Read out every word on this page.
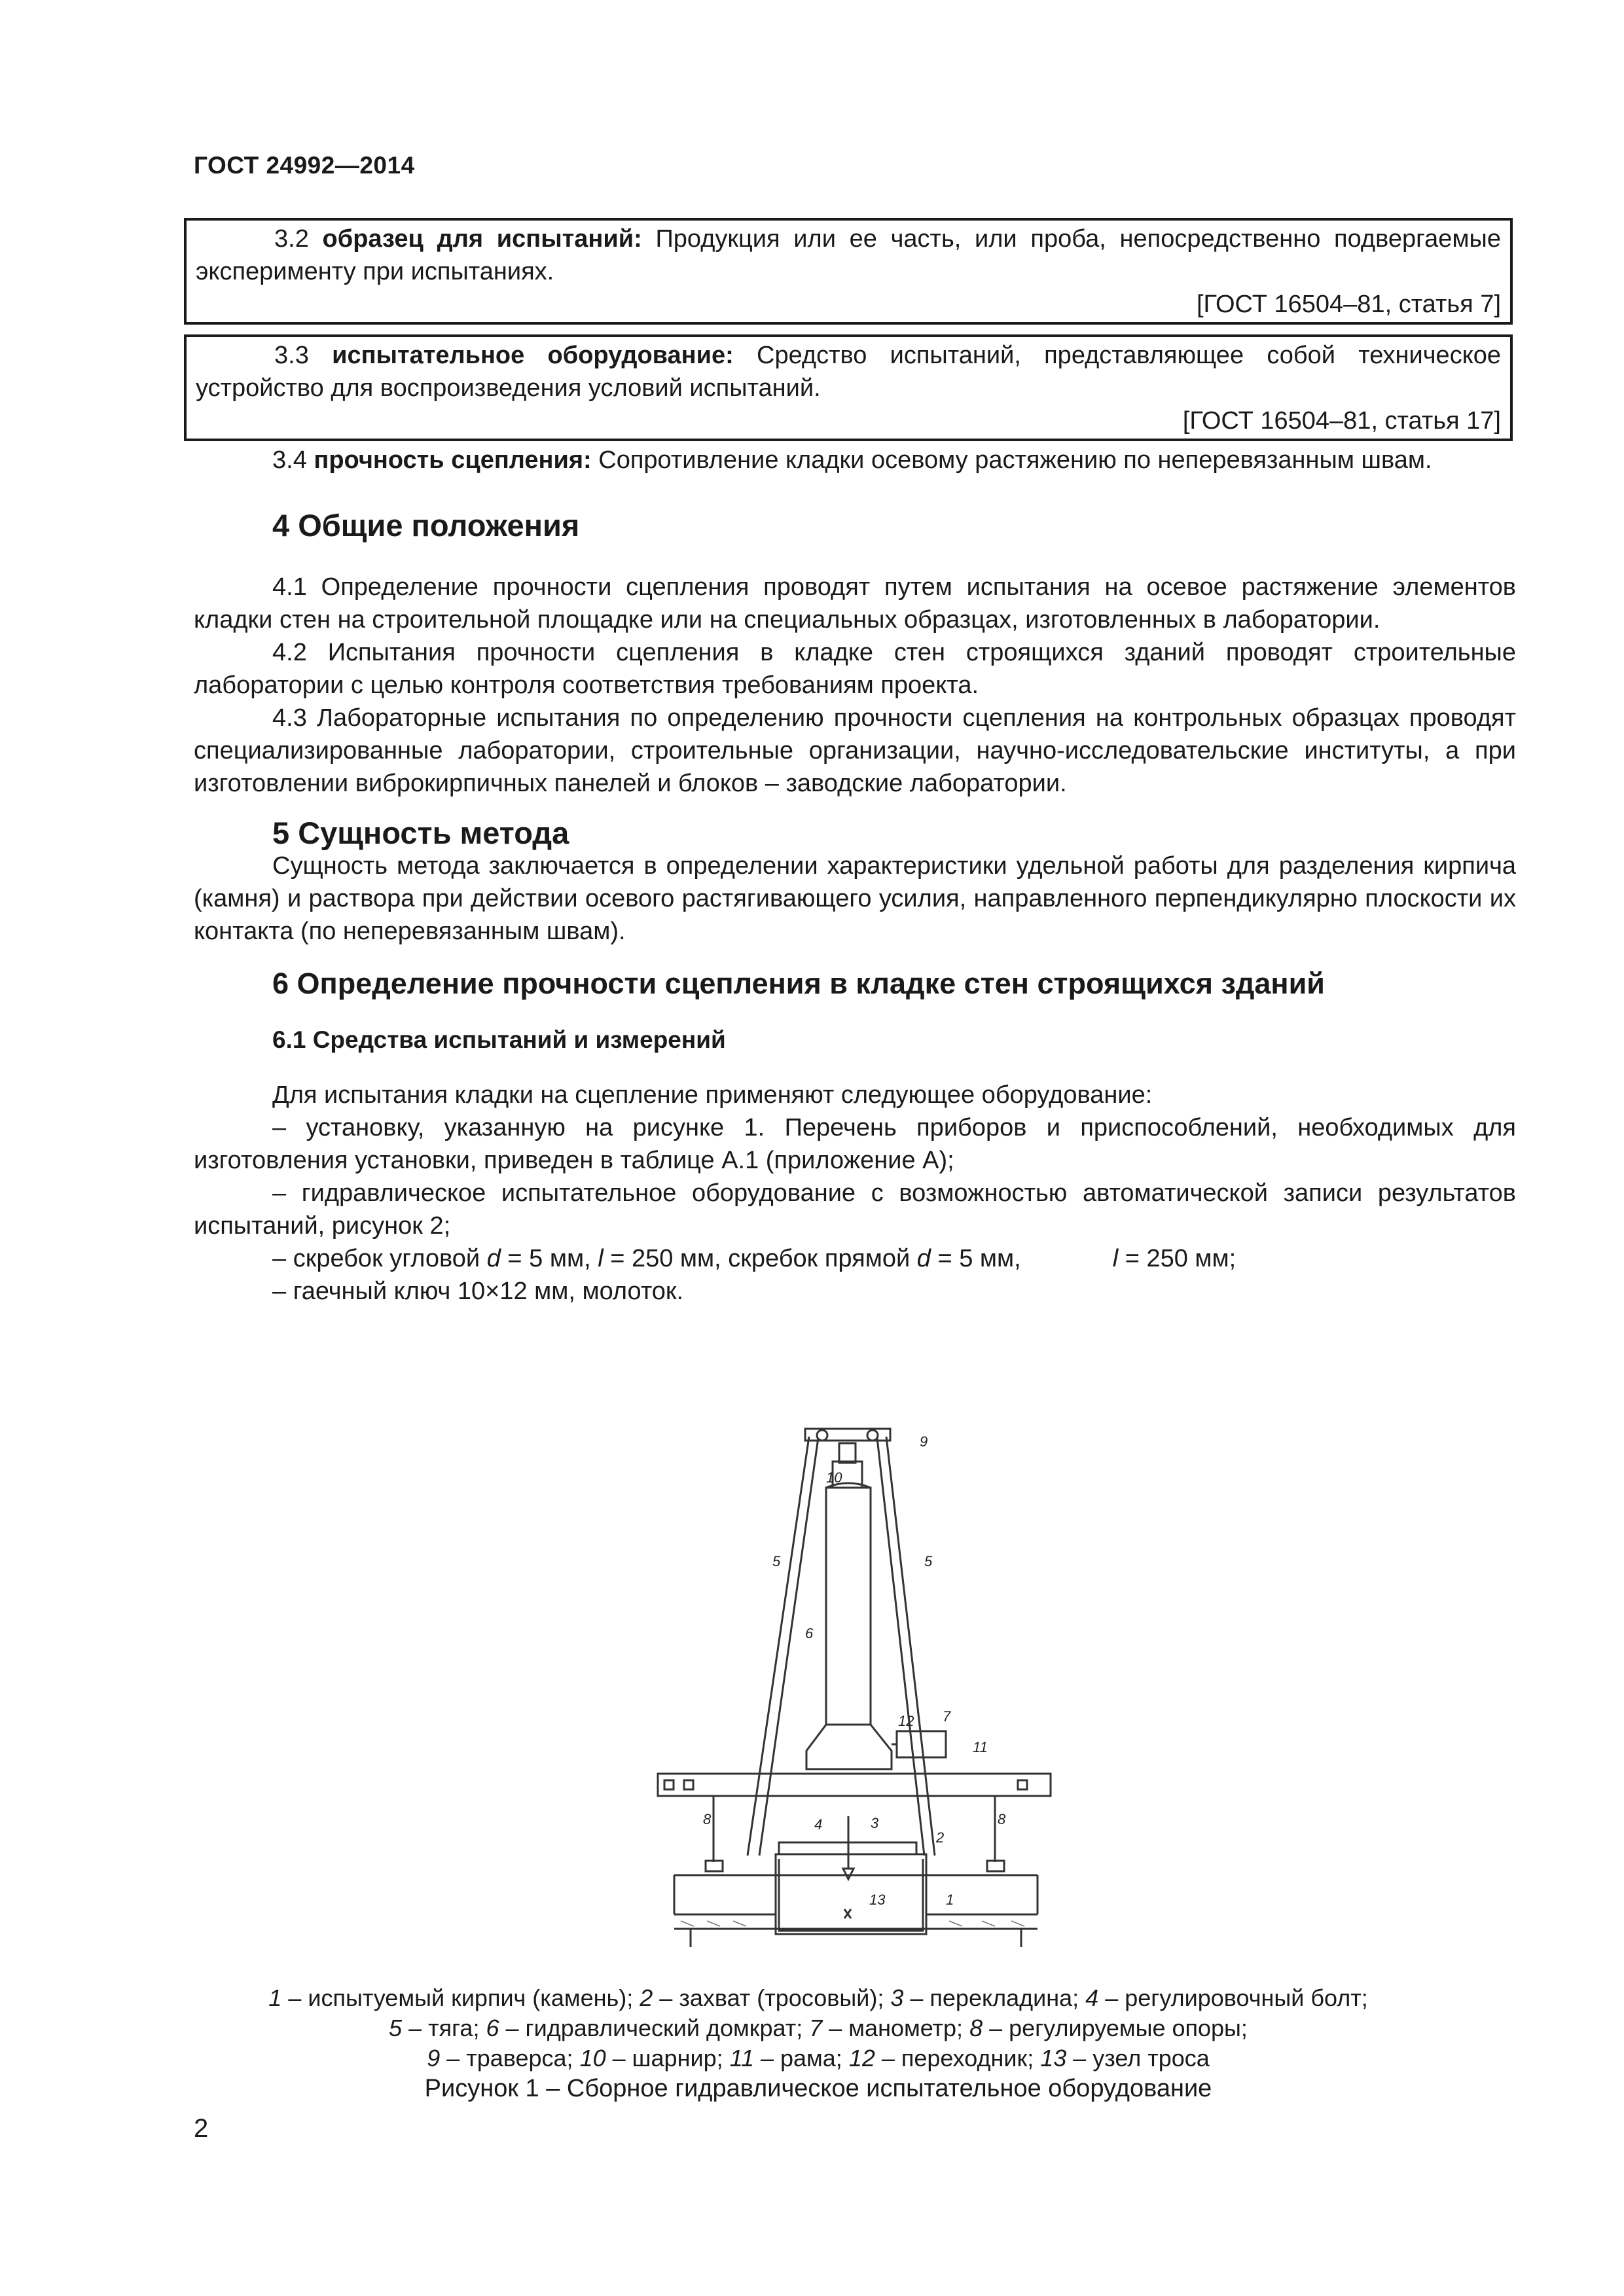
ГОСТ 24992—2014

3.2 образец для испытаний: Продукция или ее часть, или проба, непосредственно подвергаемые эксперименту при испытаниях.

[ГОСТ 16504–81, статья 7]

3.3 испытательное оборудование: Средство испытаний, представляющее собой техническое устройство для воспроизведения условий испытаний.

[ГОСТ 16504–81, статья 17]

3.4 прочность сцепления: Сопротивление кладки осевому растяжению по неперевязанным швам.

4 Общие положения

4.1 Определение прочности сцепления проводят путем испытания на осевое растяжение элементов кладки стен на строительной площадке или на специальных образцах, изготовленных в лаборатории.

4.2 Испытания прочности сцепления в кладке стен строящихся зданий проводят строительные лаборатории с целью контроля соответствия требованиям проекта.

4.3 Лабораторные испытания по определению прочности сцепления на контрольных образцах проводят специализированные лаборатории, строительные организации, научно-исследовательские институты, а при изготовлении виброкирпичных панелей и блоков – заводские лаборатории.

5 Сущность метода

Сущность метода заключается в определении характеристики удельной работы для разделения кирпича (камня) и раствора при действии осевого растягивающего усилия, направленного перпендикулярно плоскости их контакта (по неперевязанным швам).

6 Определение прочности сцепления в кладке стен строящихся зданий

6.1 Средства испытаний и измерений

Для испытания кладки на сцепление применяют следующее оборудование:

– установку, указанную на рисунке 1. Перечень приборов и приспособлений, необходимых для изготовления установки, приведен в таблице А.1 (приложение А);

– гидравлическое испытательное оборудование с возможностью автоматической записи результатов испытаний, рисунок 2;

– скребок угловой d = 5 мм, l = 250 мм, скребок прямой d = 5 мм,	l = 250 мм;

– гаечный ключ 10×12 мм, молоток.

1
2
3
4
5	5
6
7
8	8
9
10
11
12
13
1 – испытуемый кирпич (камень); 2 – захват (тросовый); 3 – перекладина; 4 – регулировочный болт;
5 – тяга; 6 – гидравлический домкрат; 7 – манометр; 8 – регулируемые опоры;
9 – траверса; 10 – шарнир; 11 – рама; 12 – переходник; 13 – узел троса
Рисунок 1 – Сборное гидравлическое испытательное оборудование
2
